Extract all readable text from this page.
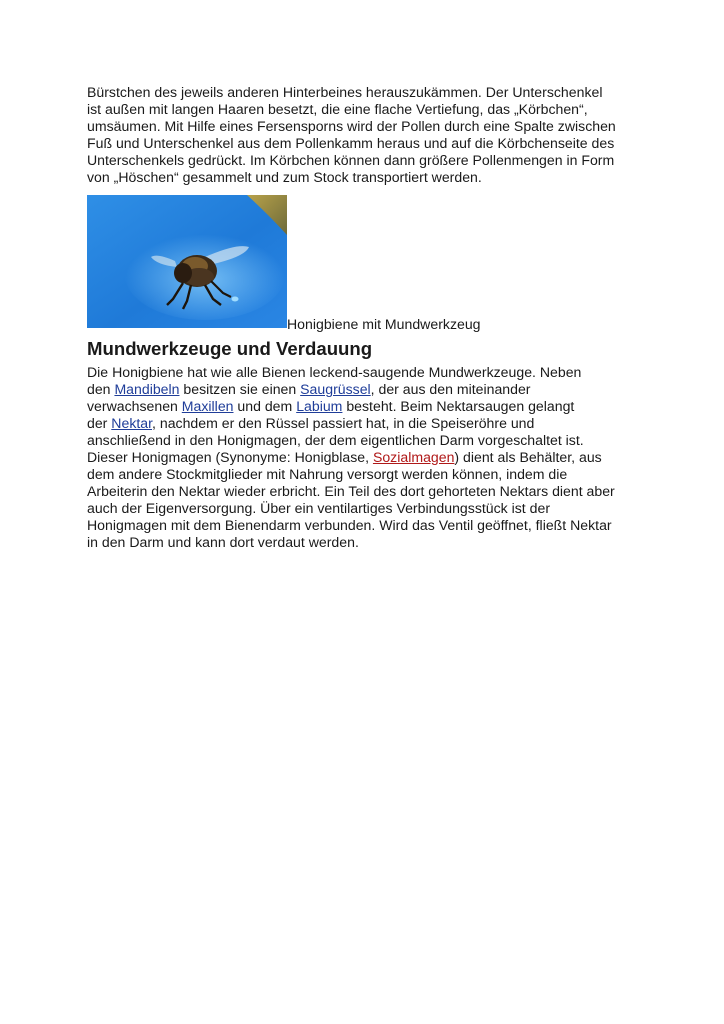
Bürstchen des jeweils anderen Hinterbeines herauszukämmen. Der Unterschenkel
ist außen mit langen Haaren besetzt, die eine flache Vertiefung, das „Körbchen“,
umsäumen. Mit Hilfe eines Fersensporns wird der Pollen durch eine Spalte zwischen
Fuß und Unterschenkel aus dem Pollenkamm heraus und auf die Körbchenseite des
Unterschenkels gedrückt. Im Körbchen können dann größere Pollenmengen in Form
von „Höschen“ gesammelt und zum Stock transportiert werden.
Honigbiene mit Mundwerkzeug
Mundwerkzeuge und Verdauung
Die Honigbiene hat wie alle Bienen leckend-saugende Mundwerkzeuge. Neben
den Mandibeln besitzen sie einen Saugrüssel, der aus den miteinander
verwachsenen Maxillen und dem Labium besteht. Beim Nektarsaugen gelangt
der Nektar, nachdem er den Rüssel passiert hat, in die Speiseröhre und
anschließend in den Honigmagen, der dem eigentlichen Darm vorgeschaltet ist.
Dieser Honigmagen (Synonyme: Honigblase, Sozialmagen) dient als Behälter, aus
dem andere Stockmitglieder mit Nahrung versorgt werden können, indem die
Arbeiterin den Nektar wieder erbricht. Ein Teil des dort gehorteten Nektars dient aber
auch der Eigenversorgung. Über ein ventilartiges Verbindungsstück ist der
Honigmagen mit dem Bienendarm verbunden. Wird das Ventil geöffnet, fließt Nektar
in den Darm und kann dort verdaut werden.
